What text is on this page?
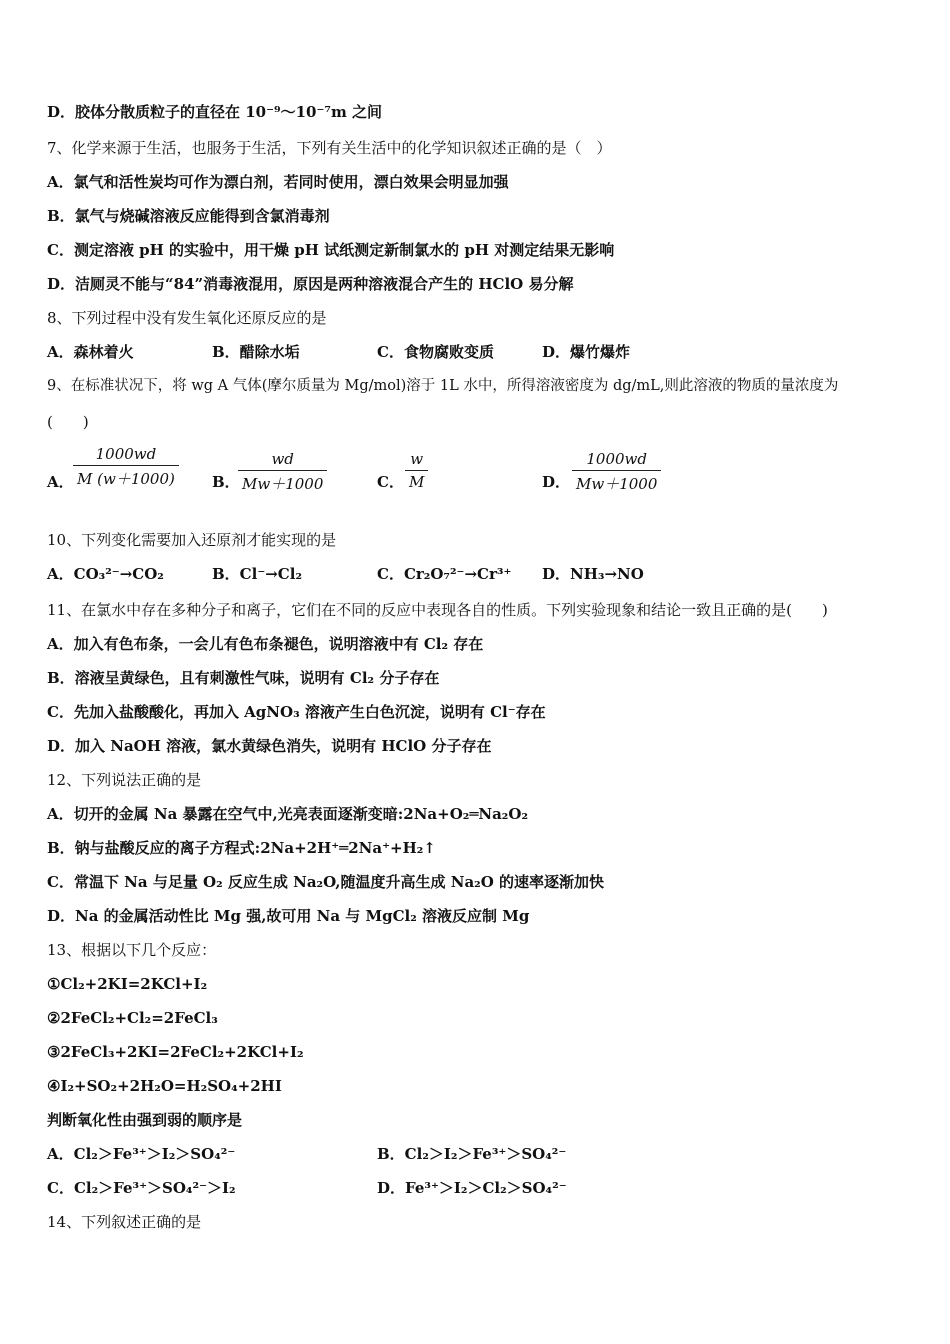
D．胶体分散质粒子的直径在 10⁻⁹～10⁻⁷m 之间
7、化学来源于生活，也服务于生活，下列有关生活中的化学知识叙述正确的是（　）
A．氯气和活性炭均可作为漂白剂，若同时使用，漂白效果会明显加强
B．氯气与烧碱溶液反应能得到含氯消毒剂
C．测定溶液 pH 的实验中，用干燥 pH 试纸测定新制氯水的 pH 对测定结果无影响
D．洁厕灵不能与“84”消毒液混用，原因是两种溶液混合产生的 HClO 易分解
8、下列过程中没有发生氧化还原反应的是
A．森林着火	B．醋除水垢	C．食物腐败变质	D．爆竹爆炸
9、在标准状况下，将 wg A 气体(摩尔质量为 Mg/mol)溶于 1L 水中，所得溶液密度为 dg/mL,则此溶液的物质的量浓度为
(　　)
A．
1000wd
M (w＋1000) B．
wd
Mw＋1000	C．
w
M	D．
1000wd
Mw＋1000
10、下列变化需要加入还原剂才能实现的是
A．CO₃²⁻→CO₂	B．Cl⁻→Cl₂	C．Cr₂O₇²⁻→Cr³⁺ D．NH₃→NO
11、在氯水中存在多种分子和离子，它们在不同的反应中表现各自的性质。下列实验现象和结论一致且正确的是(　　)
A．加入有色布条，一会儿有色布条褪色，说明溶液中有 Cl₂ 存在
B．溶液呈黄绿色，且有刺激性气味，说明有 Cl₂ 分子存在
C．先加入盐酸酸化，再加入 AgNO₃ 溶液产生白色沉淀，说明有 Cl⁻存在
D．加入 NaOH 溶液，氯水黄绿色消失，说明有 HClO 分子存在
12、下列说法正确的是
A．切开的金属 Na 暴露在空气中,光亮表面逐渐变暗:2Na+O₂═Na₂O₂
B．钠与盐酸反应的离子方程式:2Na+2H⁺═2Na⁺+H₂↑
C．常温下 Na 与足量 O₂ 反应生成 Na₂O,随温度升高生成 Na₂O 的速率逐渐加快
D．Na 的金属活动性比 Mg 强,故可用 Na 与 MgCl₂ 溶液反应制 Mg
13、根据以下几个反应：
①Cl₂+2KI=2KCl+I₂
②2FeCl₂+Cl₂=2FeCl₃
③2FeCl₃+2KI=2FeCl₂+2KCl+I₂
④I₂+SO₂+2H₂O=H₂SO₄+2HI
判断氧化性由强到弱的顺序是
A．Cl₂＞Fe³⁺＞I₂＞SO₄²⁻	B．Cl₂＞I₂＞Fe³⁺＞SO₄²⁻
C．Cl₂＞Fe³⁺＞SO₄²⁻＞I₂	D．Fe³⁺＞I₂＞Cl₂＞SO₄²⁻
14、下列叙述正确的是
